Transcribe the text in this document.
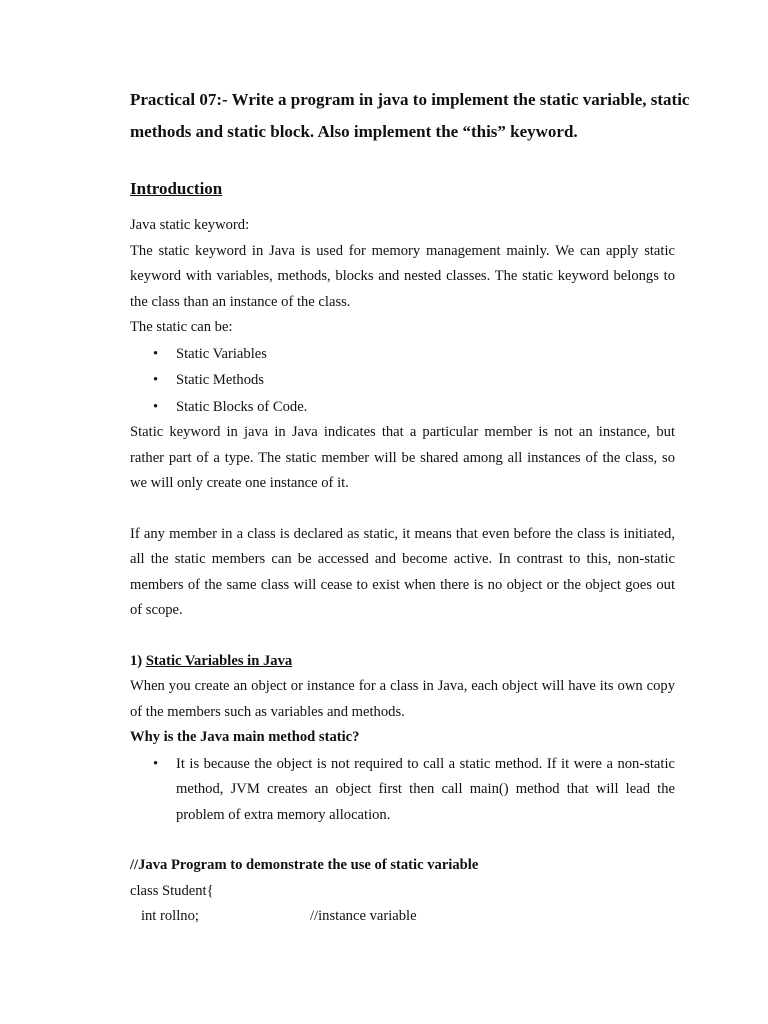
Practical 07:- Write a program in java to implement the static variable, static methods and static block. Also implement the “this” keyword.
Introduction

Java static keyword:

The static keyword in Java is used for memory management mainly. We can apply static keyword with variables, methods, blocks and nested classes. The static keyword belongs to the class than an instance of the class.

The static can be:

• Static Variables
• Static Methods
• Static Blocks of Code.

Static keyword in java in Java indicates that a particular member is not an instance, but rather part of a type. The static member will be shared among all instances of the class, so we will only create one instance of it.

If any member in a class is declared as static, it means that even before the class is initiated, all the static members can be accessed and become active. In contrast to this, non-static members of the same class will cease to exist when there is no object or the object goes out of scope.

1) Static Variables in Java

When you create an object or instance for a class in Java, each object will have its own copy of the members such as variables and methods.

Why is the Java main method static?

• It is because the object is not required to call a static method. If it were a non-static method, JVM creates an object first then call main() method that will lead the problem of extra memory allocation.

//Java Program to demonstrate the use of static variable

class Student{

int rollno;	//instance variable
